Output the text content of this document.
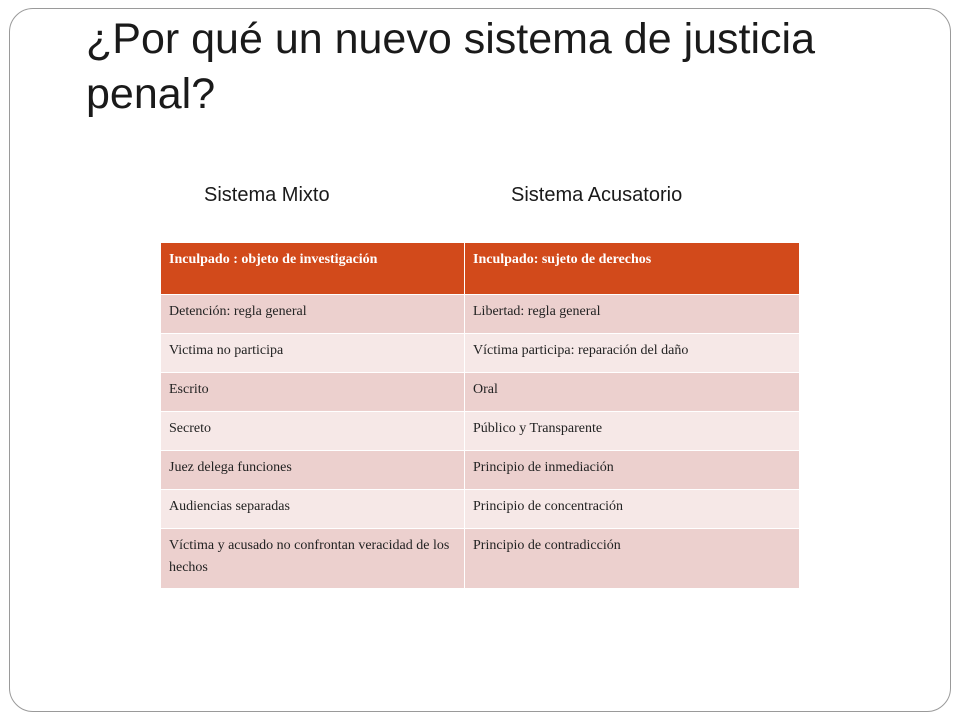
¿Por qué un nuevo sistema de justicia penal?
Sistema Mixto	Sistema Acusatorio
Inculpado : objeto de investigación	Inculpado: sujeto de derechos
Detención: regla general	Libertad: regla general
Victima no participa	Víctima participa: reparación del daño
Escrito	Oral
Secreto	Público y Transparente
Juez delega funciones	Principio de inmediación
Audiencias separadas	Principio de concentración
Víctima y acusado no confrontan veracidad de los hechos	Principio de contradicción
